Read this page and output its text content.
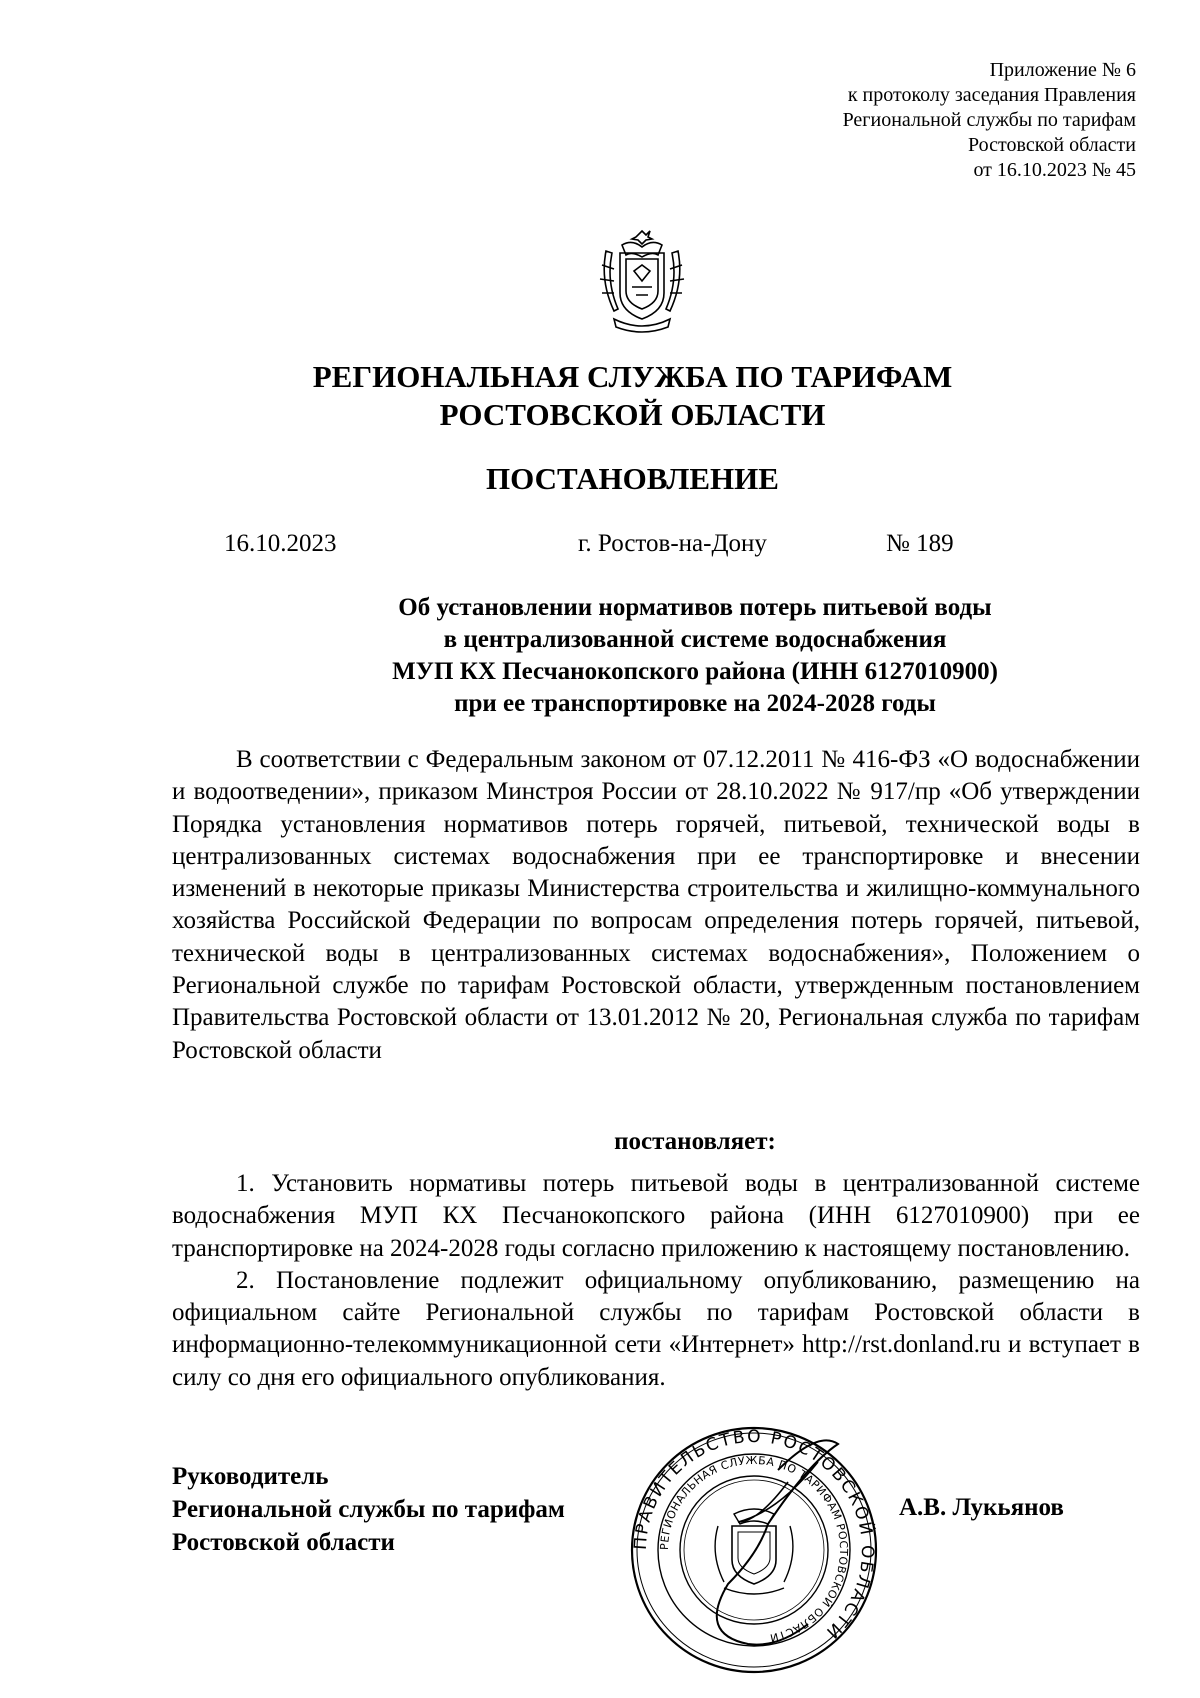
Приложение № 6
к протоколу заседания Правления
Региональной службы по тарифам
Ростовской области
от 16.10.2023 № 45
РЕГИОНАЛЬНАЯ СЛУЖБА ПО ТАРИФАМ
РОСТОВСКОЙ ОБЛАСТИ
ПОСТАНОВЛЕНИЕ
16.10.2023	г. Ростов-на-Дону	№ 189
Об установлении нормативов потерь питьевой воды
в централизованной системе водоснабжения
МУП КХ Песчанокопского района (ИНН 6127010900)
при ее транспортировке на 2024-2028 годы

В соответствии с Федеральным законом от 07.12.2011 № 416-ФЗ «О водоснабжении и водоотведении», приказом Минстроя России от 28.10.2022 № 917/пр «Об утверждении Порядка установления нормативов потерь горячей, питьевой, технической воды в централизованных системах водоснабжения при ее транспортировке и внесении изменений в некоторые приказы Министерства строительства и жилищно-коммунального хозяйства Российской Федерации по вопросам определения потерь горячей, питьевой, технической воды в централизованных системах водоснабжения», Положением о Региональной службе по тарифам Ростовской области, утвержденным постановлением Правительства Ростовской области от 13.01.2012 № 20, Региональная служба по тарифам Ростовской области

постановляет:

1. Установить нормативы потерь питьевой воды в централизованной системе водоснабжения МУП КХ Песчанокопского района (ИНН 6127010900) при ее транспортировке на 2024-2028 годы согласно приложению к настоящему постановлению.

2. Постановление подлежит официальному опубликованию, размещению на официальном сайте Региональной службы по тарифам Ростовской области в информационно-телекоммуникационной сети «Интернет» http://rst.donland.ru и вступает в силу со дня его официального опубликования.

Руководитель
Региональной службы по тарифам
Ростовской области	ПРАВИТЕЛЬСТВО РОСТОВСКОЙ ОБЛАСТИ
РЕГИОНАЛЬНАЯ СЛУЖБА ПО ТАРИФАМ РОСТОВСКОЙ ОБЛАСТИ
А.В. Лукьянов
